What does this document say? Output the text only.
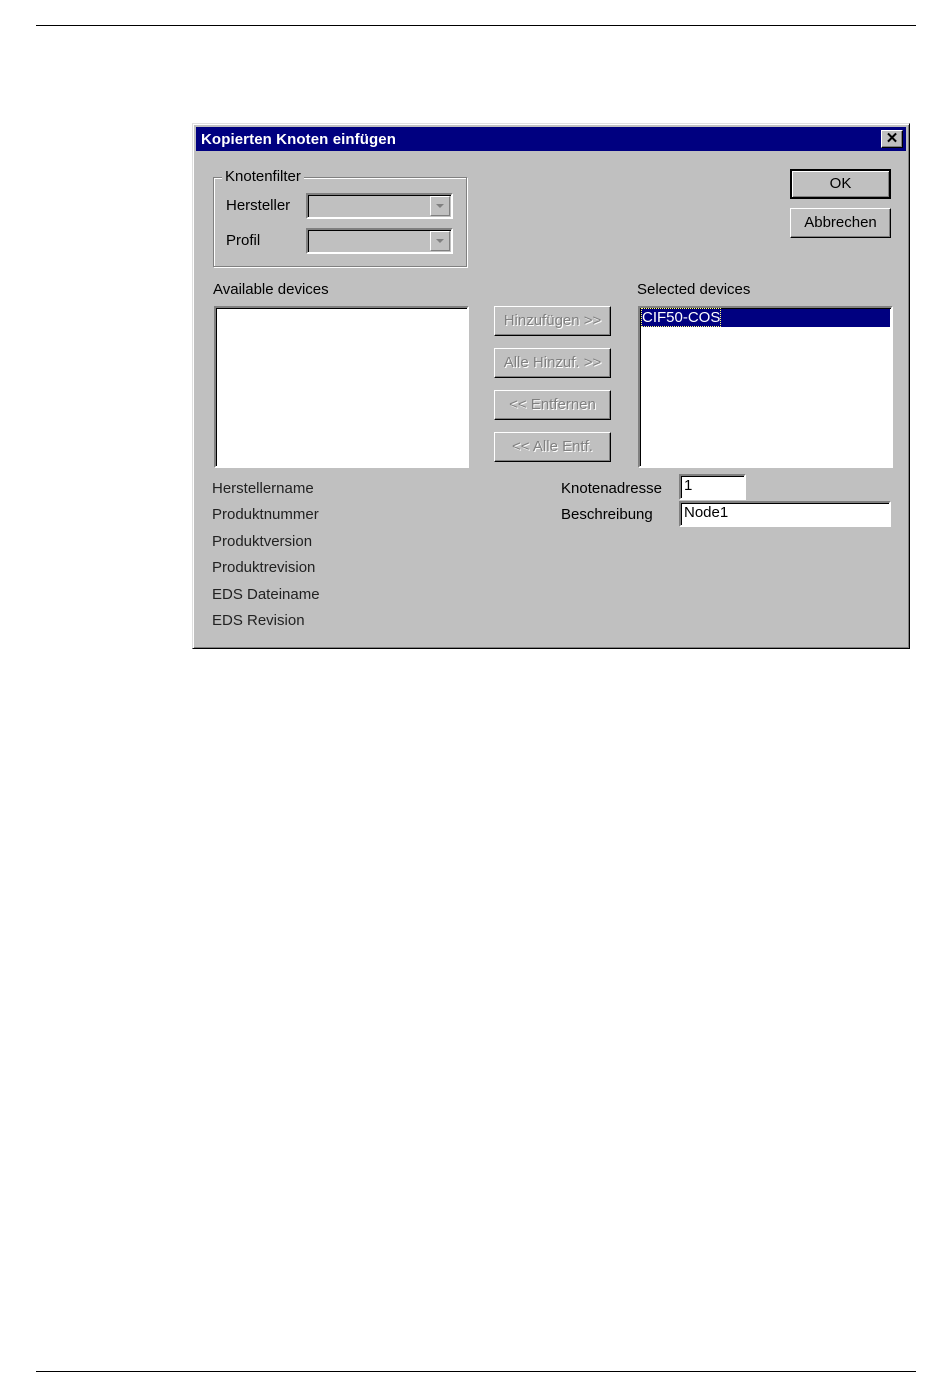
Kopierten Knoten einfügen	✕
Knotenfilter
Hersteller
Profil
OK
Abbrechen
Available devices
Hinzufügen >>
Alle Hinzuf. >>
<< Entfernen
<< Alle Entf.
Selected devices
CIF50-COS
Herstellername
Produktnummer
Produktversion
Produktrevision
EDS Dateiname
EDS Revision
Knotenadresse	1
Beschreibung	Node1
